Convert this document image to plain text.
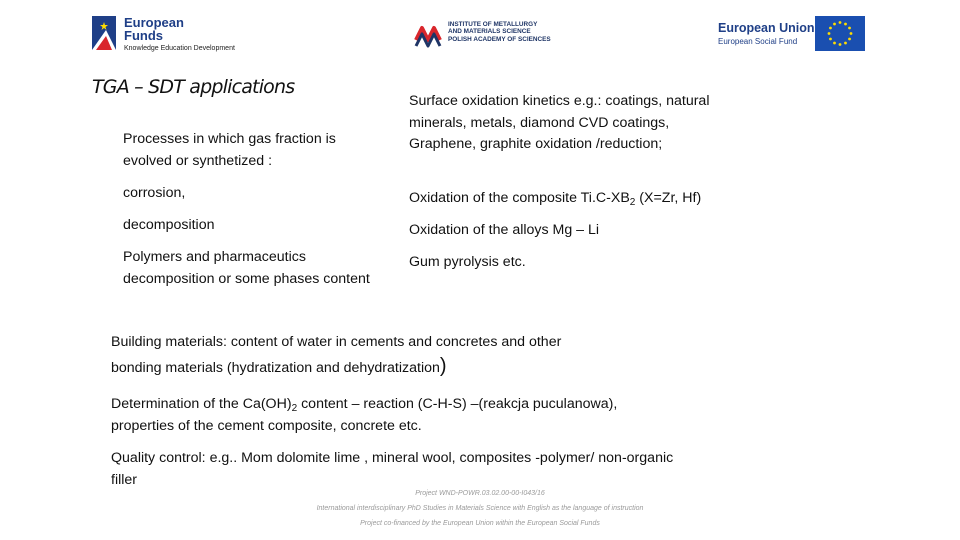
European
Funds
Knowledge Education Development
INSTITUTE OF METALLURGY
AND MATERIALS SCIENCE
POLISH ACADEMY OF SCIENCES
European Union
European Social Fund
TGA – SDT applications
Processes in which gas fraction is evolved or synthetized :
corrosion,
decomposition
Polymers and pharmaceutics decomposition or some phases content
Surface oxidation kinetics e.g.: coatings, natural minerals, metals, diamond CVD coatings, Graphene, graphite oxidation /reduction;
Oxidation of the composite $Ti.C-XB_2$ (X=Zr, Hf)
Oxidation of the alloys Mg – Li
Gum pyrolysis etc.
Building materials: content of water in cements and concretes and other
bonding materials (hydratization and dehydratization)
Determination of the $Ca(OH)_2$ content – reaction (C-H-S) –(reakcja puculanowa), properties of the cement composite, concrete etc.
Quality control: e.g.. Mom dolomite lime , mineral wool, composites -polymer/ non-organic filler
Project WND-POWR.03.02.00-00-I043/16
International interdisciplinary PhD Studies in Materials Science with English as the language of instruction
Project co-financed by the European Union within the European Social Funds
